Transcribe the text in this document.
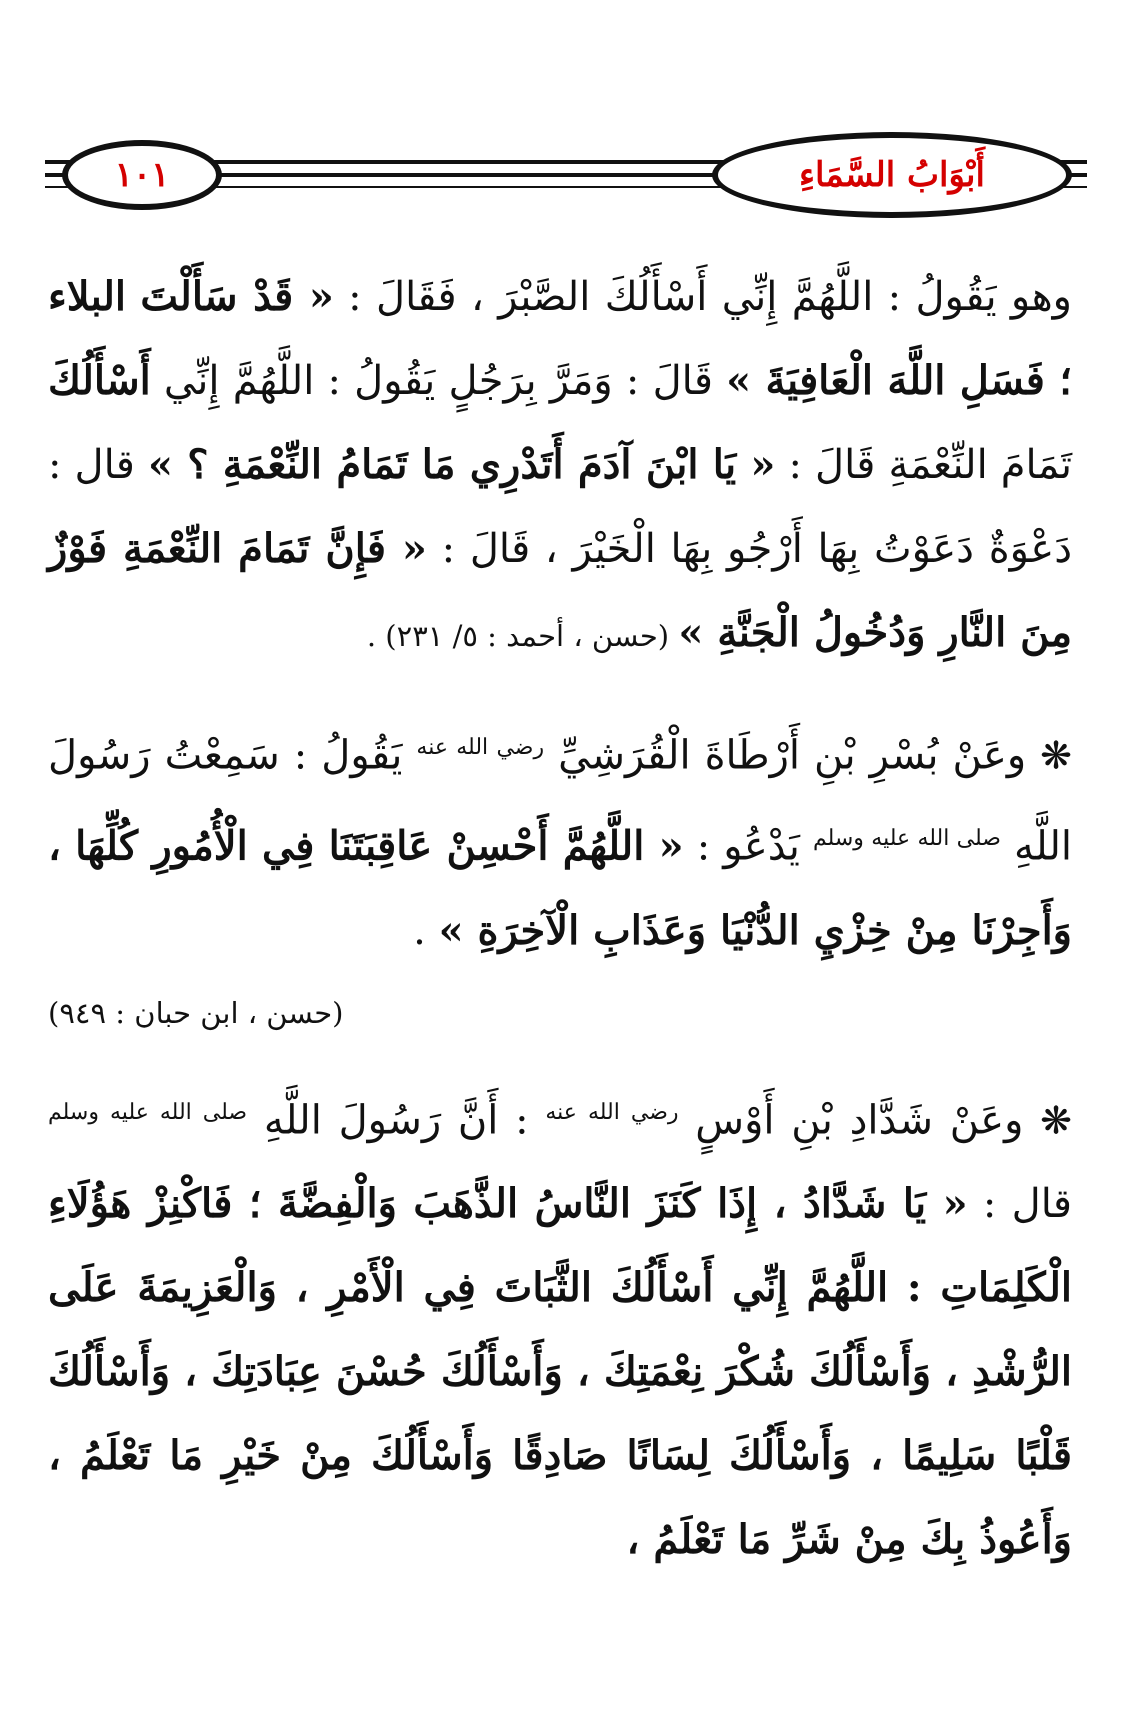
أَبْوَابُ السَّمَاءِ
١٠١

وهو يَقُولُ : اللَّهُمَّ إِنِّي أَسْأَلُكَ الصَّبْرَ ، فَقَالَ : « قَدْ سَأَلْتَ البلاء ؛ فَسَلِ اللَّهَ الْعَافِيَةَ » قَالَ : وَمَرَّ بِرَجُلٍ يَقُولُ : اللَّهُمَّ إِنِّي أَسْأَلُكَ تَمَامَ النِّعْمَةِ قَالَ : « يَا ابْنَ آدَمَ أَتَدْرِي مَا تَمَامُ النِّعْمَةِ ؟ » قال : دَعْوَةٌ دَعَوْتُ بِهَا أَرْجُو بِهَا الْخَيْرَ ، قَالَ : « فَإِنَّ تَمَامَ النِّعْمَةِ فَوْزٌ مِنَ النَّارِ وَدُخُولُ الْجَنَّةِ » (حسن ، أحمد : ٥/ ٢٣١) .

❋ وعَنْ بُسْرِ بْنِ أَرْطَاةَ الْقُرَشِيِّ $^{رضي الله عنه}$ يَقُولُ : سَمِعْتُ رَسُولَ اللَّهِ $^{صلى الله عليه وسلم}$ يَدْعُو : « اللَّهُمَّ أَحْسِنْ عَاقِبَتَنَا فِي الْأُمُورِ كُلِّهَا ، وَأَجِرْنَا مِنْ خِزْيِ الدُّنْيَا وَعَذَابِ الْآخِرَةِ » .

(حسن ، ابن حبان : ٩٤٩)

❋ وعَنْ شَدَّادِ بْنِ أَوْسٍ $^{رضي الله عنه}$ : أَنَّ رَسُولَ اللَّهِ $^{صلى الله عليه وسلم}$ قال : « يَا شَدَّادُ ، إِذَا كَنَزَ النَّاسُ الذَّهَبَ وَالْفِضَّةَ ؛ فَاكْنِزْ هَؤُلَاءِ الْكَلِمَاتِ : اللَّهُمَّ إِنِّي أَسْأَلُكَ الثَّبَاتَ فِي الْأَمْرِ ، وَالْعَزِيمَةَ عَلَى الرُّشْدِ ، وَأَسْأَلُكَ شُكْرَ نِعْمَتِكَ ، وَأَسْأَلُكَ حُسْنَ عِبَادَتِكَ ، وَأَسْأَلُكَ قَلْبًا سَلِيمًا ، وَأَسْأَلُكَ لِسَانًا صَادِقًا وَأَسْأَلُكَ مِنْ خَيْرِ مَا تَعْلَمُ ، وَأَعُوذُ بِكَ مِنْ شَرِّ مَا تَعْلَمُ ،
